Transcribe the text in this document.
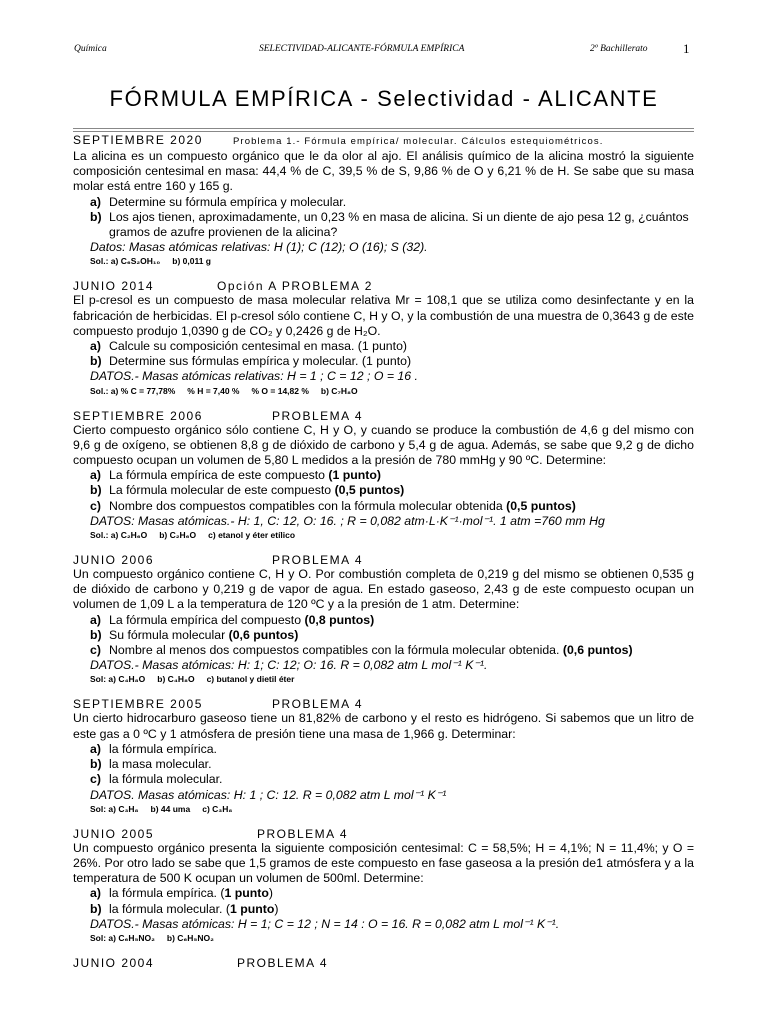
Química	SELECTIVIDAD-ALICANTE-FÓRMULA EMPÍRICA	2º Bachillerato	1
FÓRMULA EMPÍRICA - Selectividad - ALICANTE
SEPTIEMBRE 2020	Problema 1.- Fórmula empírica/ molecular. Cálculos estequiométricos.
La alicina es un compuesto orgánico que le da olor al ajo. El análisis químico de la alicina mostró la siguiente composición centesimal en masa: 44,4 % de C, 39,5 % de S, 9,86 % de O y 6,21 % de H. Se sabe que su masa molar está entre 160 y 165 g.
a) Determine su fórmula empírica y molecular.
b) Los ajos tienen, aproximadamente, un 0,23 % en masa de alicina. Si un diente de ajo pesa 12 g, ¿cuántos gramos de azufre provienen de la alicina?
Datos: Masas atómicas relativas: H (1); C (12); O (16); S (32).
Sol.: a) C₆S₂OH₁₀ b) 0,011 g
JUNIO 2014	Opción A PROBLEMA 2
El p-cresol es un compuesto de masa molecular relativa Mr = 108,1 que se utiliza como desinfectante y en la fabricación de herbicidas. El p-cresol sólo contiene C, H y O, y la combustión de una muestra de 0,3643 g de este compuesto produjo 1,0390 g de CO₂ y 0,2426 g de H₂O.
a) Calcule su composición centesimal en masa. (1 punto)
b) Determine sus fórmulas empírica y molecular. (1 punto)
DATOS.- Masas atómicas relativas: H = 1 ; C = 12 ; O = 16 .
Sol.: a) % C = 77,78% % H = 7,40 % % O = 14,82 % b) C₇H₈O
SEPTIEMBRE 2006	PROBLEMA 4
Cierto compuesto orgánico sólo contiene C, H y O, y cuando se produce la combustión de 4,6 g del mismo con 9,6 g de oxígeno, se obtienen 8,8 g de dióxido de carbono y 5,4 g de agua. Además, se sabe que 9,2 g de dicho compuesto ocupan un volumen de 5,80 L medidos a la presión de 780 mmHg y 90 ºC. Determine:
a) La fórmula empírica de este compuesto (1 punto)
b) La fórmula molecular de este compuesto (0,5 puntos)
c) Nombre dos compuestos compatibles con la fórmula molecular obtenida (0,5 puntos)
DATOS: Masas atómicas.- H: 1, C: 12, O: 16. ; R = 0,082 atm·L·K⁻¹·mol⁻¹. 1 atm =760 mm Hg
Sol.: a) C₂H₆O b) C₂H₆O c) etanol y éter etílico
JUNIO 2006	PROBLEMA 4
Un compuesto orgánico contiene C, H y O. Por combustión completa de 0,219 g del mismo se obtienen 0,535 g de dióxido de carbono y 0,219 g de vapor de agua. En estado gaseoso, 2,43 g de este compuesto ocupan un volumen de 1,09 L a la temperatura de 120 ºC y a la presión de 1 atm. Determine:
a) La fórmula empírica del compuesto (0,8 puntos)
b) Su fórmula molecular (0,6 puntos)
c) Nombre al menos dos compuestos compatibles con la fórmula molecular obtenida. (0,6 puntos)
DATOS.- Masas atómicas: H: 1; C: 12; O: 16. R = 0,082 atm L mol⁻¹ K⁻¹.
Sol: a) C₄H₈O b) C₄H₈O c) butanol y dietil éter
SEPTIEMBRE 2005	PROBLEMA 4
Un cierto hidrocarburo gaseoso tiene un 81,82% de carbono y el resto es hidrógeno. Si sabemos que un litro de este gas a 0 ºC y 1 atmósfera de presión tiene una masa de 1,966 g. Determinar:
a) la fórmula empírica.
b) la masa molecular.
c) la fórmula molecular.
DATOS. Masas atómicas: H: 1 ; C: 12. R = 0,082 atm L mol⁻¹ K⁻¹
Sol: a) C₃H₈ b) 44 uma c) C₃H₈
JUNIO 2005	PROBLEMA 4
Un compuesto orgánico presenta la siguiente composición centesimal: C = 58,5%; H = 4,1%; N = 11,4%; y O = 26%. Por otro lado se sabe que 1,5 gramos de este compuesto en fase gaseosa a la presión de1 atmósfera y a la temperatura de 500 K ocupan un volumen de 500ml. Determine:
a) la fórmula empírica. (1 punto)
b) la fórmula molecular. (1 punto)
DATOS.- Masas atómicas: H = 1; C = 12 ; N = 14 : O = 16. R = 0,082 atm L mol⁻¹ K⁻¹.
Sol: a) C₆H₅NO₂ b) C₆H₅NO₂
JUNIO 2004	PROBLEMA 4
